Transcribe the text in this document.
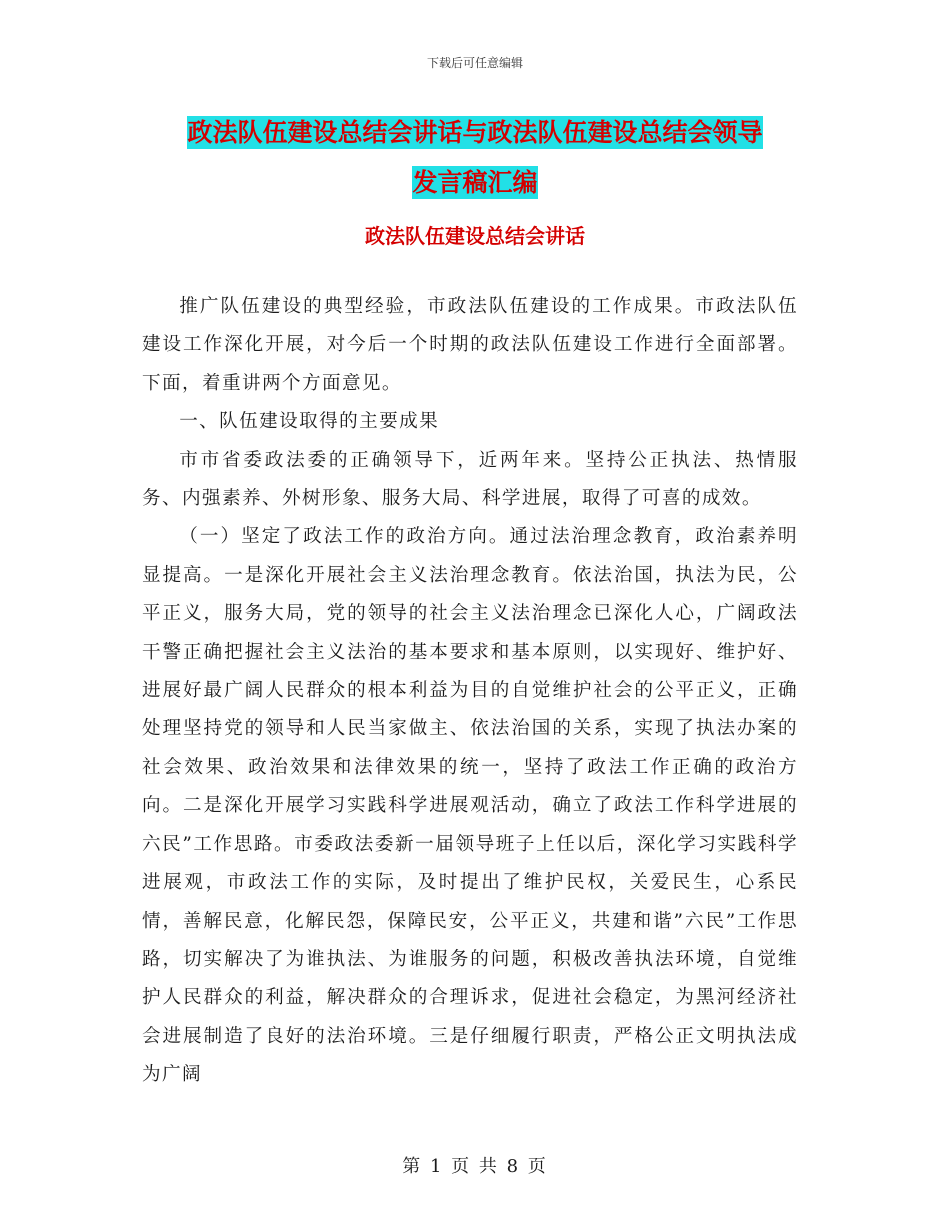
下载后可任意编辑
政法队伍建设总结会讲话与政法队伍建设总结会领导
发言稿汇编
政法队伍建设总结会讲话

推广队伍建设的典型经验，市政法队伍建设的工作成果。市政法队伍建设工作深化开展，对今后一个时期的政法队伍建设工作进行全面部署。下面，着重讲两个方面意见。

一、队伍建设取得的主要成果

市市省委政法委的正确领导下，近两年来。坚持公正执法、热情服务、内强素养、外树形象、服务大局、科学进展，取得了可喜的成效。

（一）坚定了政法工作的政治方向。通过法治理念教育，政治素养明显提高。一是深化开展社会主义法治理念教育。依法治国，执法为民，公平正义，服务大局，党的领导的社会主义法治理念已深化人心，广阔政法干警正确把握社会主义法治的基本要求和基本原则，以实现好、维护好、进展好最广阔人民群众的根本利益为目的自觉维护社会的公平正义，正确处理坚持党的领导和人民当家做主、依法治国的关系，实现了执法办案的社会效果、政治效果和法律效果的统一，坚持了政法工作正确的政治方向。二是深化开展学习实践科学进展观活动，确立了政法工作科学进展的六民”工作思路。市委政法委新一届领导班子上任以后，深化学习实践科学进展观，市政法工作的实际，及时提出了维护民权，关爱民生，心系民情，善解民意，化解民怨，保障民安，公平正义，共建和谐”六民”工作思路，切实解决了为谁执法、为谁服务的问题，积极改善执法环境，自觉维护人民群众的利益，解决群众的合理诉求，促进社会稳定，为黑河经济社会进展制造了良好的法治环境。三是仔细履行职责，严格公正文明执法成为广阔

第 1 页 共 8 页
